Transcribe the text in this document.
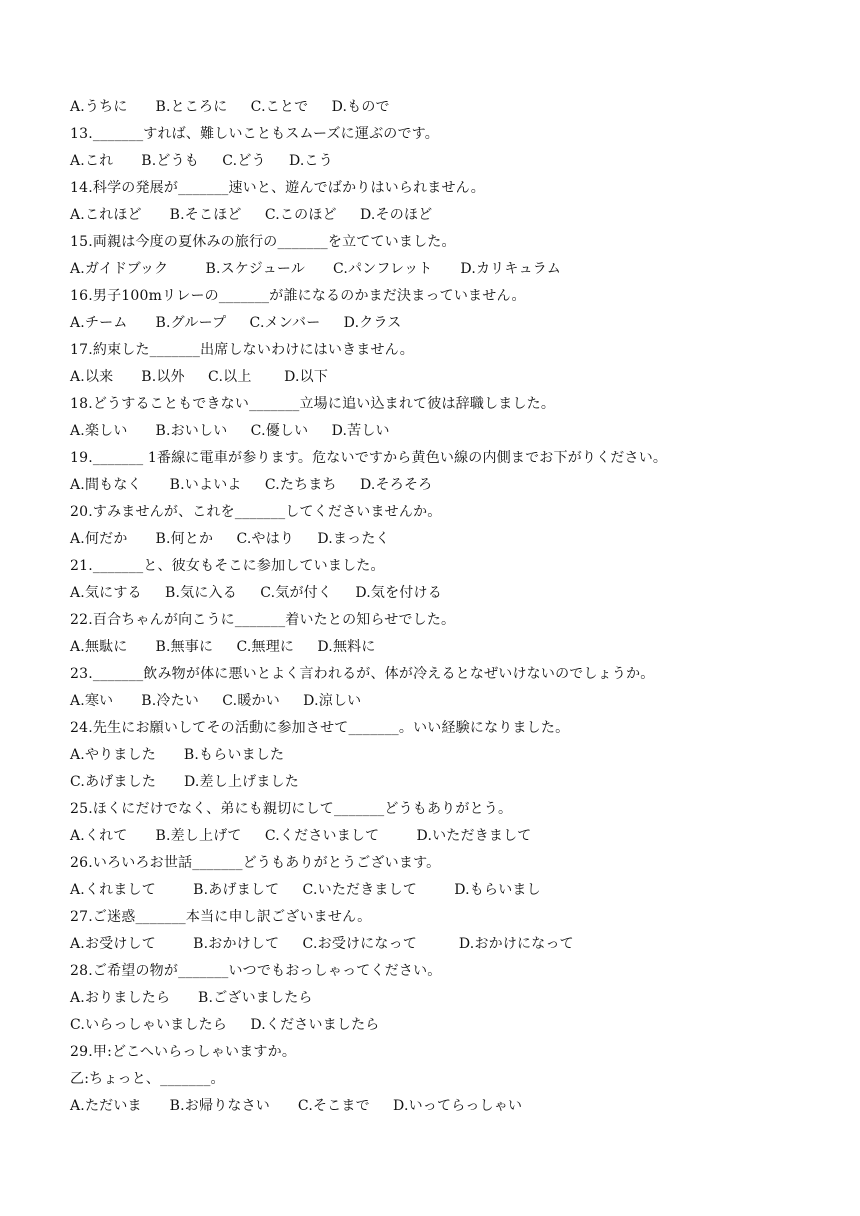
A.うちに      B.ところに     C.ことで     D.もので
13._______すれば、難しいこともスムーズに運ぶのです。
A.これ      B.どうも     C.どう     D.こう
14.科学の発展が_______速いと、遊んでばかりはいられません。
A.これほど      B.そこほど     C.このほど     D.そのほど
15.両親は今度の夏休みの旅行の_______を立てていました。
A.ガイドブック        B.スケジュール      C.パンフレット      D.カリキュラム
16.男子100mリレーの_______が誰になるのかまだ決まっていません。
A.チーム      B.グループ     C.メンバー     D.クラス
17.約束した_______出席しないわけにはいきません。
A.以来      B.以外     C.以上       D.以下
18.どうすることもできない_______立場に追い込まれて彼は辞職しました。
A.楽しい      B.おいしい     C.優しい     D.苦しい
19._______ 1番線に電車が参ります。危ないですから黄色い線の内側までお下がりください。
A.間もなく      B.いよいよ     C.たちまち     D.そろそろ
20.すみませんが、これを_______してくださいませんか。
A.何だか      B.何とか     C.やはり     D.まったく
21._______と、彼女もそこに参加していました。
A.気にする     B.気に入る     C.気が付く     D.気を付ける
22.百合ちゃんが向こうに_______着いたとの知らせでした。
A.無駄に      B.無事に     C.無理に     D.無料に
23._______飲み物が体に悪いとよく言われるが、体が冷えるとなぜいけないのでしょうか。
A.寒い      B.冷たい     C.暖かい     D.涼しい
24.先生にお願いしてその活動に参加させて_______。いい経験になりました。
A.やりました      B.もらいました
C.あげました      D.差し上げました
25.ほくにだけでなく、弟にも親切にして_______どうもありがとう。
A.くれて      B.差し上げて     C.くださいまして        D.いただきまして
26.いろいろお世話_______どうもありがとうございます。
A.くれまして        B.あげまして     C.いただきまして        D.もらいまし
27.ご迷惑_______本当に申し訳ございません。
A.お受けして        B.おかけして     C.お受けになって         D.おかけになって
28.ご希望の物が_______いつでもおっしゃってください。
A.おりましたら      B.ございましたら
C.いらっしゃいましたら     D.くださいましたら
29.甲:どこへいらっしゃいますか。
乙:ちょっと、_______。
A.ただいま      B.お帰りなさい      C.そこまで     D.いってらっしゃい
